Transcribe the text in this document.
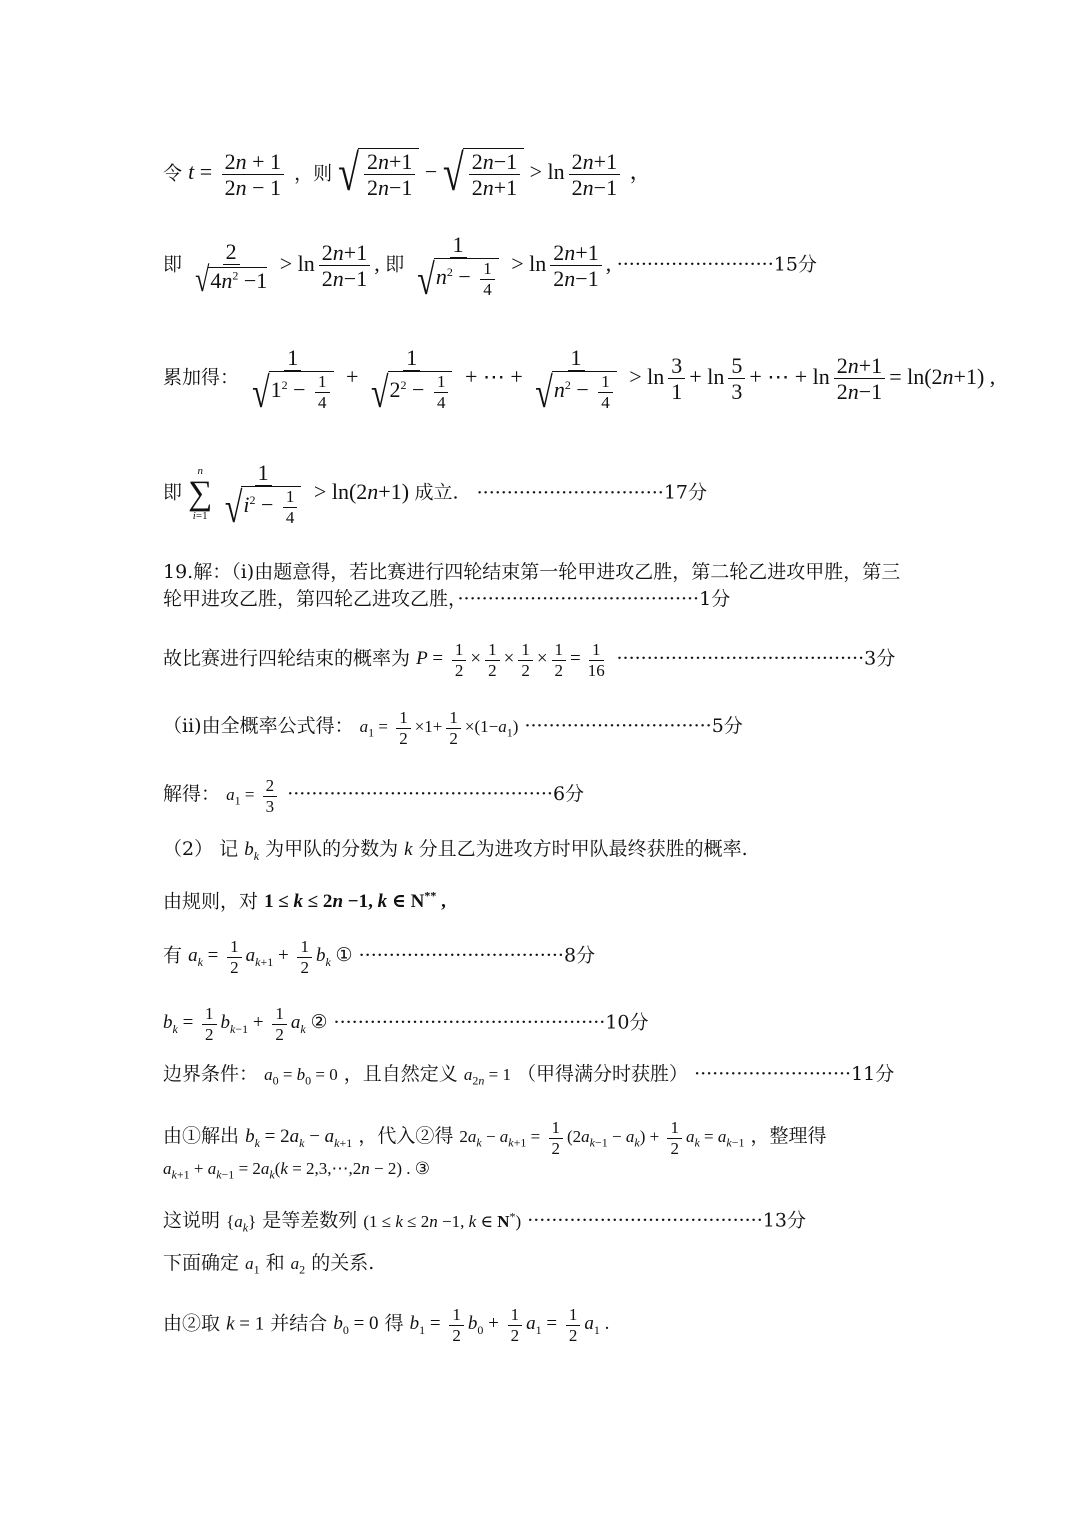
令 $t = \frac{2n + 1}{2n - 1}$ ，则 √ $\frac{2n+1}{2n-1}$ − √ $\frac{2n-1}{2n+1} > \ln \frac{2n+1}{2n-1}$ ，
即 $\frac{2}{√ 4n^2 -1} > \ln \frac{2n+1}{2n-1}$ , 即 $\frac{1}{√ n^2 - \frac{1}{4}} > \ln \frac{2n+1}{2n-1}$ , ··························15分
累加得： $\frac{1}{√ 1^2 - \frac{1}{4}} + \frac{1}{√ 2^2 - \frac{1}{4}}$ + ⋯ + $\frac{1}{√ n^2 - \frac{1}{4}} > \ln \frac{3}{1} + \ln \frac{5}{3}$ + ⋯ + $\ln \frac{2n+1}{2n-1} = \ln(2n+1)$ ,
即
n
∑
i=1
$\frac{1}{√ i^2 - \frac{1}{4}} > \ln(2n+1)$ 成立. ·······························17分
19.解：（ⅰ)由题意得，若比赛进行四轮结束第一轮甲进攻乙胜，第二轮乙进攻甲胜，第三
轮甲进攻乙胜，第四轮乙进攻乙胜，········································1分
故比赛进行四轮结束的概率为 $P = \frac{1}{2} \times \frac{1}{2} \times \frac{1}{2} \times \frac{1}{2} = \frac{1}{16} \cdot\cdot\cdot\cdot\cdot\cdot\cdot\cdot\cdot\cdot\cdot\cdot\cdot\cdot\cdot\cdot\cdot\cdot\cdot\cdot\cdot\cdot\cdot\cdot\cdot\cdot\cdot\cdot\cdot\cdot\cdot\cdot\cdot\cdot\cdot\cdot\cdot\cdot\cdot\cdot\cdot 3$分
（ⅱ)由全概率公式得： $a_1 = \frac{1}{2} \times 1+ \frac{1}{2} \times(1-a_1) \cdot\cdot\cdot\cdot\cdot\cdot\cdot\cdot\cdot\cdot\cdot\cdot\cdot\cdot\cdot\cdot\cdot\cdot\cdot\cdot\cdot\cdot\cdot\cdot\cdot\cdot\cdot\cdot\cdot\cdot\cdot 5$分
解得： $a_1 = \frac{2}{3} \cdot\cdot\cdot\cdot\cdot\cdot\cdot\cdot\cdot\cdot\cdot\cdot\cdot\cdot\cdot\cdot\cdot\cdot\cdot\cdot\cdot\cdot\cdot\cdot\cdot\cdot\cdot\cdot\cdot\cdot\cdot\cdot\cdot\cdot\cdot\cdot\cdot\cdot\cdot\cdot\cdot\cdot\cdot\cdot 6$分
（2） 记 $b_k$ 为甲队的分数为 k 分且乙为进攻方时甲队最终获胜的概率.
由规则，对 1 ≤ k ≤ 2n −1, k ∈ N** ,
有 $a_k = \frac{1}{2} a_{k+1} + \frac{1}{2} b_k$ ① ··································8分
$b_k = \frac{1}{2} b_{k-1} + \frac{1}{2} a_k$ ② ·············································10分
边界条件： $a_0 = b_0 = 0$ ，且自然定义 $a_{2n} = 1$ （甲得满分时获胜） ··························11分
由①解出 $b_k = 2a_k - a_{k+1}$ ，代入②得 $2a_k - a_{k+1} = \frac{1}{2} (2a_{k-1} - a_k) + \frac{1}{2} a_k = a_{k-1}$ ，整理得
$a_{k+1} + a_{k-1} = 2a_k(k$ = 2,3,⋯,2n − 2) . ③
这说明 $\{a_k\}$ 是等差数列 (1 ≤ k ≤ 2n −1, k ∈ N*) ·······································13分
下面确定 $a_1$ 和 $a_2$ 的关系.
由②取 k = 1 并结合 $b_0 = 0$ 得 $b_1 = \frac{1}{2} b_0 + \frac{1}{2} a_1 = \frac{1}{2} a_1$ .
